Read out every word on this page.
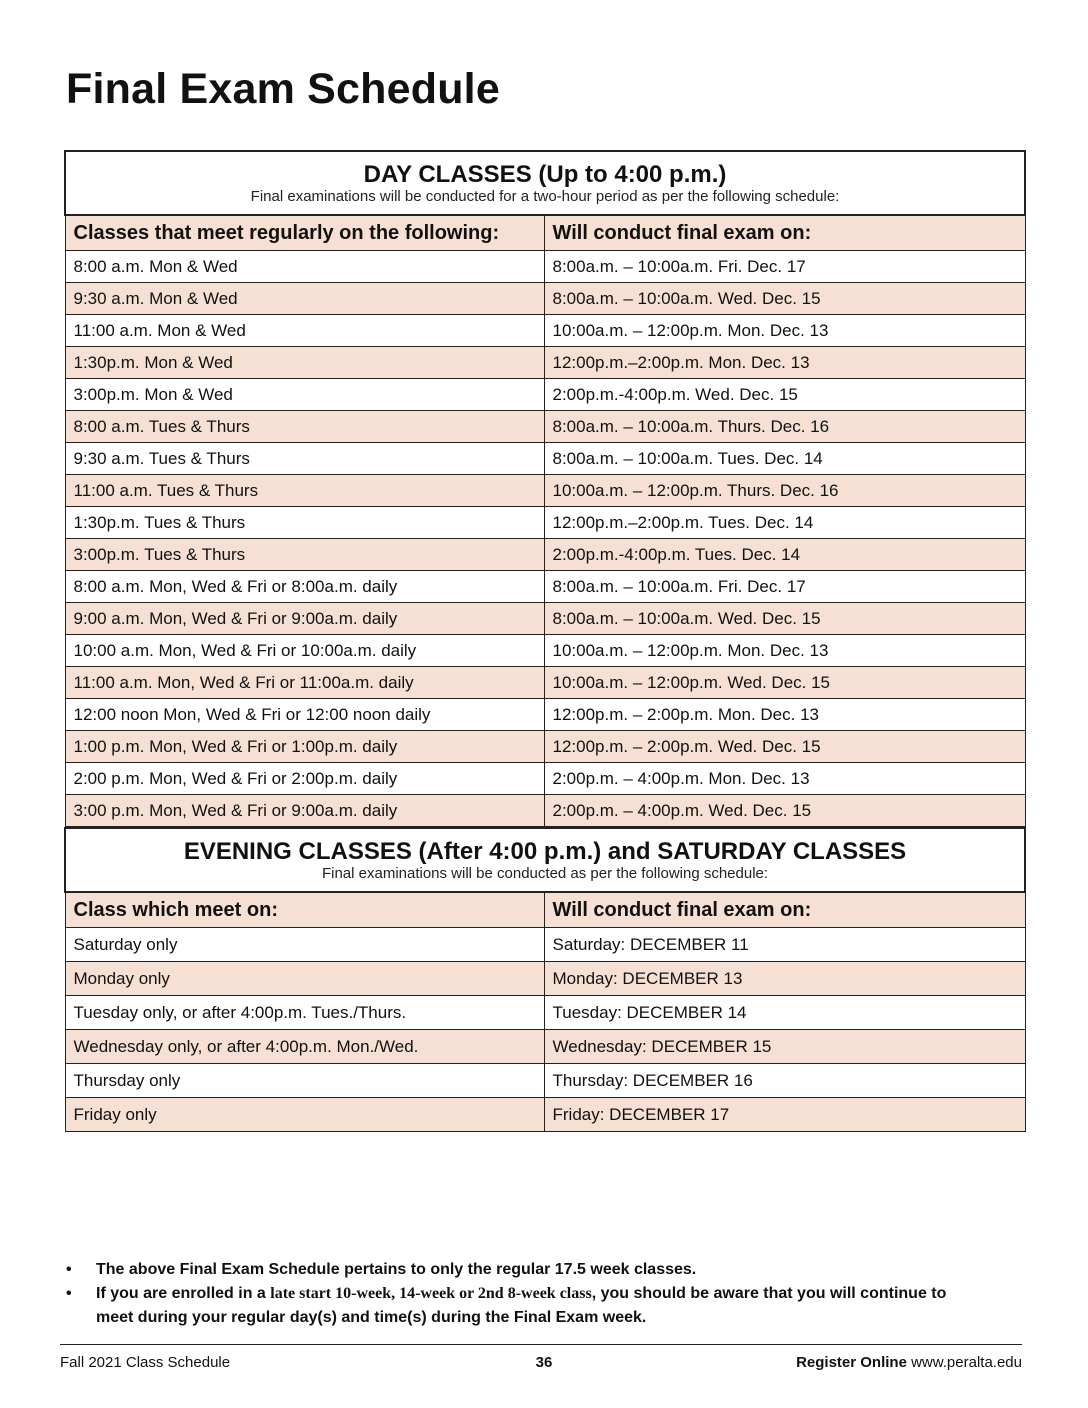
Final Exam Schedule
DAY CLASSES (Up to 4:00 p.m.)
Final examinations will be conducted for a two-hour period as per the following schedule:	

Classes that meet regularly on the following:	Will conduct final exam on:
8:00 a.m. Mon & Wed	8:00a.m. – 10:00a.m. Fri. Dec. 17
9:30 a.m. Mon & Wed	8:00a.m. – 10:00a.m. Wed. Dec. 15
11:00 a.m. Mon & Wed	10:00a.m. – 12:00p.m. Mon. Dec. 13
1:30p.m. Mon & Wed	12:00p.m.–2:00p.m. Mon. Dec. 13
3:00p.m. Mon & Wed	2:00p.m.-4:00p.m. Wed. Dec. 15
8:00 a.m. Tues & Thurs	8:00a.m. – 10:00a.m. Thurs. Dec. 16
9:30 a.m. Tues & Thurs	8:00a.m. – 10:00a.m. Tues. Dec. 14
11:00 a.m. Tues & Thurs	10:00a.m. – 12:00p.m. Thurs. Dec. 16
1:30p.m. Tues & Thurs	12:00p.m.–2:00p.m. Tues. Dec. 14
3:00p.m. Tues & Thurs	2:00p.m.-4:00p.m. Tues. Dec. 14
8:00 a.m. Mon, Wed & Fri or 8:00a.m. daily	8:00a.m. – 10:00a.m. Fri. Dec. 17
9:00 a.m. Mon, Wed & Fri or 9:00a.m. daily	8:00a.m. – 10:00a.m. Wed. Dec. 15
10:00 a.m. Mon, Wed & Fri or 10:00a.m. daily	10:00a.m. – 12:00p.m. Mon. Dec. 13
11:00 a.m. Mon, Wed & Fri or 11:00a.m. daily	10:00a.m. – 12:00p.m. Wed. Dec. 15
12:00 noon Mon, Wed & Fri or 12:00 noon daily	12:00p.m. – 2:00p.m. Mon. Dec. 13
1:00 p.m. Mon, Wed & Fri or 1:00p.m. daily	12:00p.m. – 2:00p.m. Wed. Dec. 15
2:00 p.m. Mon, Wed & Fri or 2:00p.m. daily	2:00p.m. – 4:00p.m. Mon. Dec. 13
3:00 p.m. Mon, Wed & Fri or 9:00a.m. daily	2:00p.m. – 4:00p.m. Wed. Dec. 15
EVENING CLASSES (After 4:00 p.m.) and SATURDAY CLASSES
Final examinations will be conducted as per the following schedule:	

Class which meet on:	Will conduct final exam on:
Saturday only	Saturday: DECEMBER 11
Monday only	Monday: DECEMBER 13
Tuesday only, or after 4:00p.m. Tues./Thurs.	Tuesday: DECEMBER 14
Wednesday only, or after 4:00p.m. Mon./Wed.	Wednesday: DECEMBER 15
Thursday only	Thursday: DECEMBER 16
Friday only	Friday: DECEMBER 17
• The above Final Exam Schedule pertains to only the regular 17.5 week classes.
• If you are enrolled in a late start 10-week, 14-week or 2nd 8-week class, you should be aware that you will continue to meet during your regular day(s) and time(s) during the Final Exam week.
Fall 2021 Class Schedule	36	Register Online www.peralta.edu
